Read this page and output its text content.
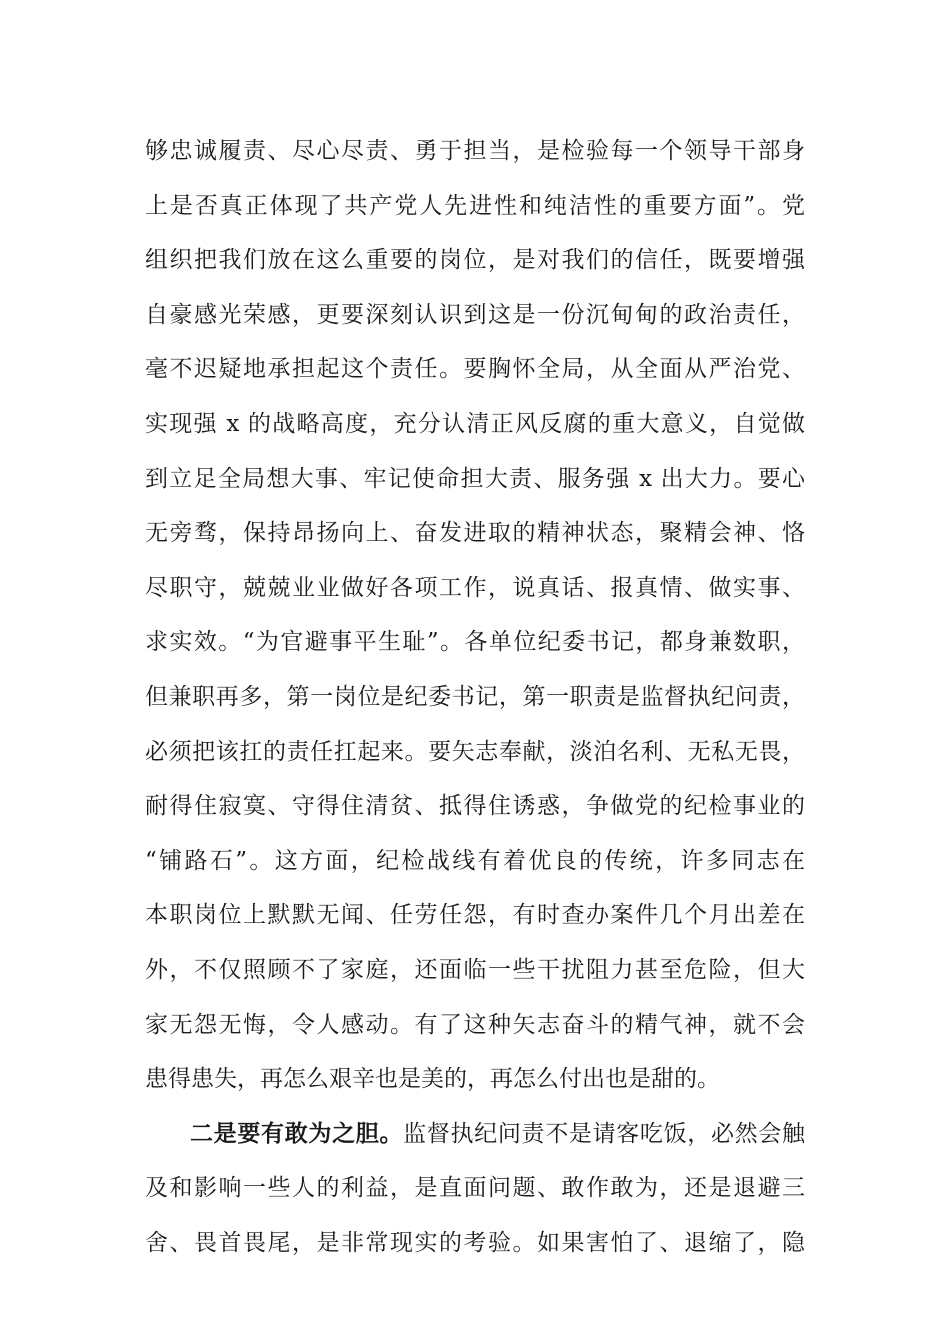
够忠诚履责、尽心尽责、勇于担当，是检验每一个领导干部身
上是否真正体现了共产党人先进性和纯洁性的重要方面”。党
组织把我们放在这么重要的岗位，是对我们的信任，既要增强
自豪感光荣感，更要深刻认识到这是一份沉甸甸的政治责任，
毫不迟疑地承担起这个责任。要胸怀全局，从全面从严治党、
实现强 x 的战略高度，充分认清正风反腐的重大意义，自觉做
到立足全局想大事、牢记使命担大责、服务强 x 出大力。要心
无旁骛，保持昂扬向上、奋发进取的精神状态，聚精会神、恪
尽职守，兢兢业业做好各项工作，说真话、报真情、做实事、
求实效。“为官避事平生耻”。各单位纪委书记，都身兼数职，
但兼职再多，第一岗位是纪委书记，第一职责是监督执纪问责，
必须把该扛的责任扛起来。要矢志奉献，淡泊名利、无私无畏，
耐得住寂寞、守得住清贫、抵得住诱惑，争做党的纪检事业的
“铺路石”。这方面，纪检战线有着优良的传统，许多同志在
本职岗位上默默无闻、任劳任怨，有时查办案件几个月出差在
外，不仅照顾不了家庭，还面临一些干扰阻力甚至危险，但大
家无怨无悔，令人感动。有了这种矢志奋斗的精气神，就不会
患得患失，再怎么艰辛也是美的，再怎么付出也是甜的。
二是要有敢为之胆。监督执纪问责不是请客吃饭，必然会触
及和影响一些人的利益，是直面问题、敢作敢为，还是退避三
舍、畏首畏尾，是非常现实的考验。如果害怕了、退缩了，隐
